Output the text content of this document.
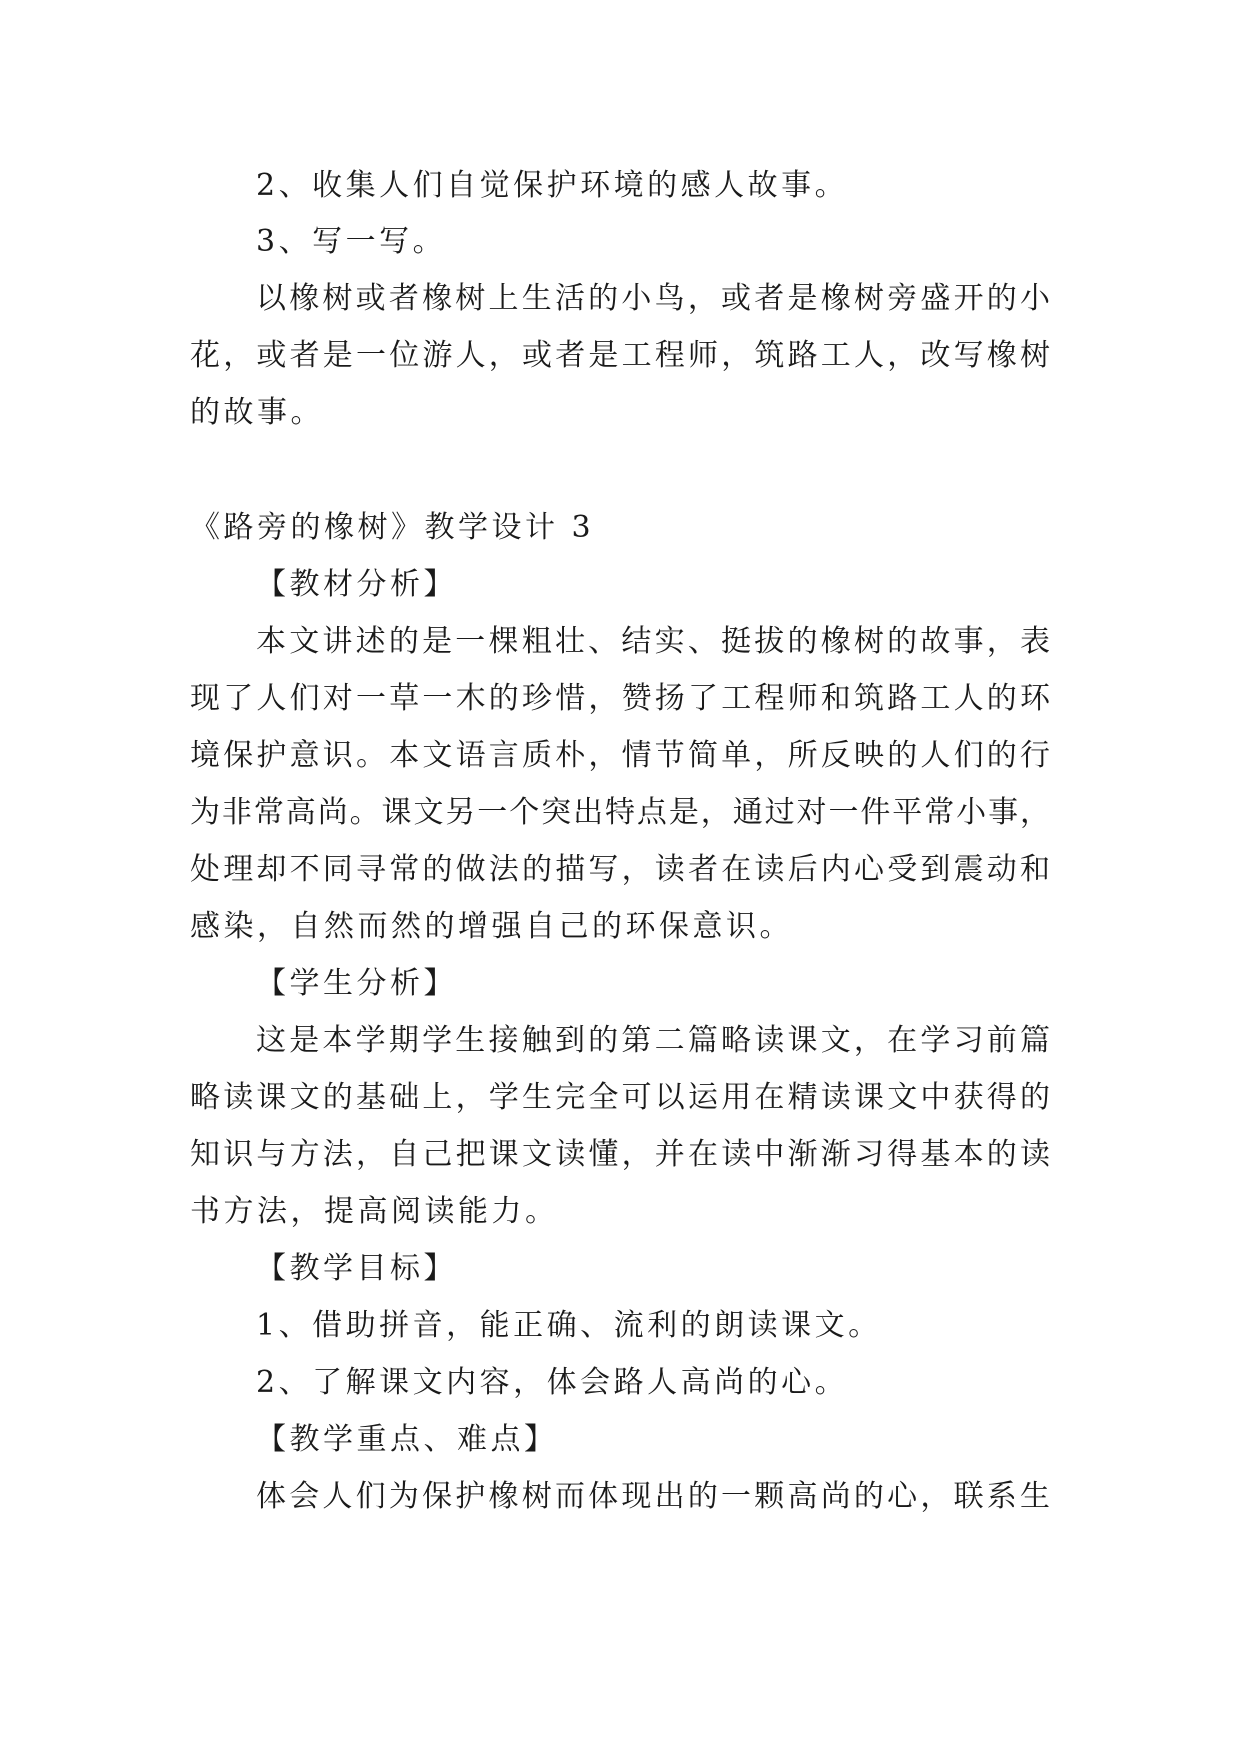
2、收集人们自觉保护环境的感人故事。
3、写一写。
以橡树或者橡树上生活的小鸟，或者是橡树旁盛开的小
花，或者是一位游人，或者是工程师，筑路工人，改写橡树
的故事。
《路旁的橡树》教学设计 3
【教材分析】
本文讲述的是一棵粗壮、结实、挺拔的橡树的故事，表
现了人们对一草一木的珍惜，赞扬了工程师和筑路工人的环
境保护意识。本文语言质朴，情节简单，所反映的人们的行
为非常高尚。课文另一个突出特点是，通过对一件平常小事，
处理却不同寻常的做法的描写，读者在读后内心受到震动和
感染，自然而然的增强自己的环保意识。
【学生分析】
这是本学期学生接触到的第二篇略读课文，在学习前篇
略读课文的基础上，学生完全可以运用在精读课文中获得的
知识与方法，自己把课文读懂，并在读中渐渐习得基本的读
书方法，提高阅读能力。
【教学目标】
1、借助拼音，能正确、流利的朗读课文。
2、了解课文内容，体会路人高尚的心。
【教学重点、难点】
体会人们为保护橡树而体现出的一颗高尚的心，联系生
